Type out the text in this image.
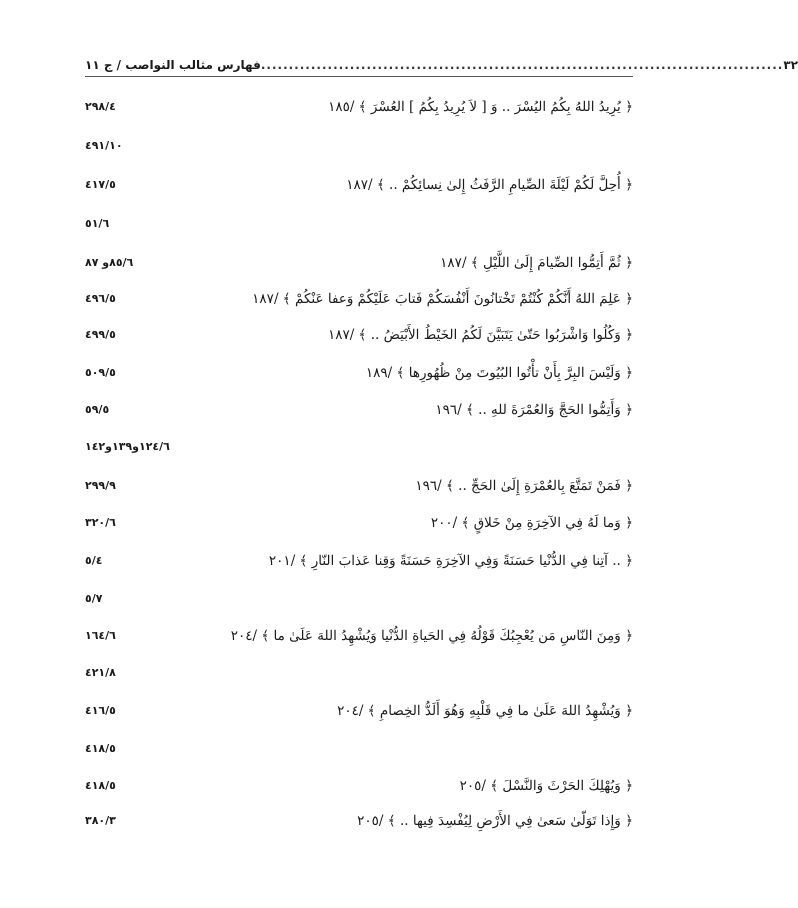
فهارس مثالب النواصب / ج ١١ .............................................................................................. ٣٢
٢٩٨/٤	﴿ يُرِيدُ اللهُ بِكُمُ اليُسْرَ .. وَ [ لاَ يُرِيدُ بِكُمُ ] العُسْرَ ﴾ /١٨٥
٤٩١/١٠
٤١٧/٥	﴿ أُحِلَّ لَكُمْ لَيْلَةَ الصِّيامِ الرَّفَثُ إِلىٰ نِسائِكُمْ .. ﴾ /١٨٧
٥١/٦
٨٥/٦و ٨٧	﴿ ثُمَّ أَتِمُّوا الصِّيامَ إِلَىٰ اللَّيْلِ ﴾ /١٨٧
٤٩٦/٥	﴿ عَلِمَ اللهُ أَنَّكُمْ كُنْتُمْ تَخْتانُونَ أَنْفُسَكُمْ فَتابَ عَلَيْكُمْ وَعفا عَنْكُمْ ﴾ /١٨٧
٤٩٩/٥	﴿ وَكُلُوا وَاشْرَبُوا حَتّىٰ يَتَبَيَّنَ لَكُمُ الخَيْطُ الأَبْيَضُ .. ﴾ /١٨٧
٥٠٩/٥	﴿ وَلَيْسَ البِرَّ بِأَنْ تأْتُوا البُيُوتَ مِنْ ظُهُورِها ﴾ /١٨٩
٥٩/٥	﴿ وَأَتِمُّوا الحَجَّ وَالعُمْرَةَ للهِ .. ﴾ /١٩٦
١٢٤/٦و١٣٩و١٤٢
٢٩٩/٩	﴿ فَمَنْ تَمَتَّعَ بِالعُمْرَةِ إِلَىٰ الحَجِّ .. ﴾ /١٩٦
٣٢٠/٦	﴿ وَما لَهُ فِي الآخِرَةِ مِنْ خَلاقٍ ﴾ /٢٠٠
٥/٤	﴿ .. آتِنا فِي الدُّنْيا حَسَنَةً وَفِي الآخِرَةِ حَسَنَةً وَقِنا عَذابَ النّارِ ﴾ /٢٠١
٥/٧
١٦٤/٦	﴿ وَمِنَ النّاسِ مَن يُعْجِبُكَ قَوْلُهُ فِي الحَياةِ الدُّنْيا وَيُشْهِدُ اللهَ عَلَىٰ ما ﴾ /٢٠٤
٤٢١/٨
٤١٦/٥	﴿ وَيُشْهِدُ اللهَ عَلَىٰ ما فِي قَلْبِهِ وَهُوَ أَلَدُّ الخِصامِ ﴾ /٢٠٤
٤١٨/٥
٤١٨/٥	﴿ وَيُهْلِكَ الحَرْثَ وَالنَّسْلَ ﴾ /٢٠٥
٣٨٠/٣	﴿ وَإِذا تَوَلّىٰ سَعىٰ فِي الأَرْضِ لِيُفْسِدَ فِيها .. ﴾ /٢٠٥
